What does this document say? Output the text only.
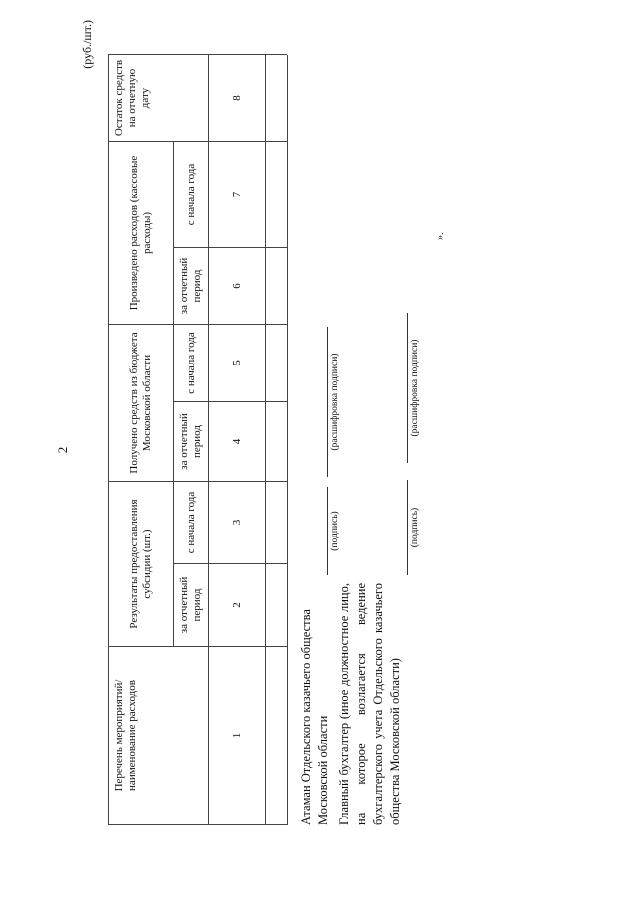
2
(руб./шт.)
Перечень мероприятий/ наименование расходов
Результаты предоставления субсидии (шт.)
Получено средств из бюджета Московской области
Произведено расходов (кассовые расходы)
Остаток средств на отчетную дату
за отчетный период
с начала года
за отчетный период
с начала года
за отчетный период
с начала года
1
2
3
4
5
6
7
8
Атаман Отдельского казачьего общества Московской области Главный бухгалтер (иное должностное лицо, на которое возлагается ведение бухгалтерского учета Отдельского казачьего общества Московской области)
(подпись)
(расшифровка подписи)
(подпись)
(расшифровка подписи)
».
